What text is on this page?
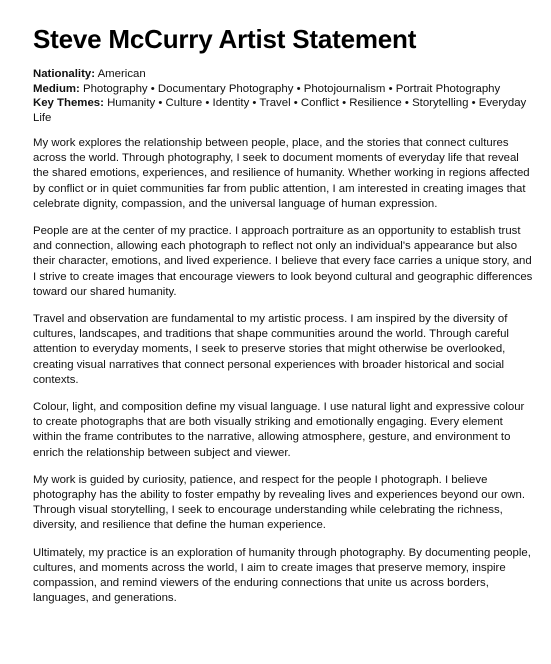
Steve McCurry Artist Statement
Nationality: American
Medium: Photography • Documentary Photography • Photojournalism • Portrait Photography
Key Themes: Humanity • Culture • Identity • Travel • Conflict • Resilience • Storytelling • Everyday Life

My work explores the relationship between people, place, and the stories that connect cultures across the world. Through photography, I seek to document moments of everyday life that reveal the shared emotions, experiences, and resilience of humanity. Whether working in regions affected by conflict or in quiet communities far from public attention, I am interested in creating images that celebrate dignity, compassion, and the universal language of human expression.

People are at the center of my practice. I approach portraiture as an opportunity to establish trust and connection, allowing each photograph to reflect not only an individual's appearance but also their character, emotions, and lived experience. I believe that every face carries a unique story, and I strive to create images that encourage viewers to look beyond cultural and geographic differences toward our shared humanity.

Travel and observation are fundamental to my artistic process. I am inspired by the diversity of cultures, landscapes, and traditions that shape communities around the world. Through careful attention to everyday moments, I seek to preserve stories that might otherwise be overlooked, creating visual narratives that connect personal experiences with broader historical and social contexts.

Colour, light, and composition define my visual language. I use natural light and expressive colour to create photographs that are both visually striking and emotionally engaging. Every element within the frame contributes to the narrative, allowing atmosphere, gesture, and environment to enrich the relationship between subject and viewer.

My work is guided by curiosity, patience, and respect for the people I photograph. I believe photography has the ability to foster empathy by revealing lives and experiences beyond our own. Through visual storytelling, I seek to encourage understanding while celebrating the richness, diversity, and resilience that define the human experience.

Ultimately, my practice is an exploration of humanity through photography. By documenting people, cultures, and moments across the world, I aim to create images that preserve memory, inspire compassion, and remind viewers of the enduring connections that unite us across borders, languages, and generations.
